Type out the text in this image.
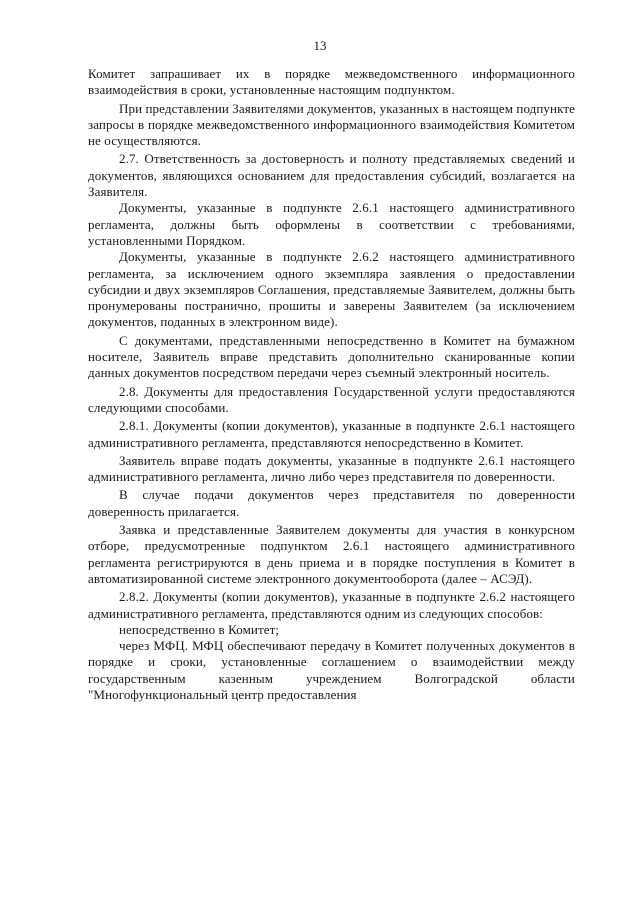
13

Комитет запрашивает их в порядке межведомственного информационного взаимодействия в сроки, установленные настоящим подпунктом.

При представлении Заявителями документов, указанных в настоящем подпункте запросы в порядке межведомственного информационного взаимодействия Комитетом не осуществляются.

2.7. Ответственность за достоверность и полноту представляемых сведений и документов, являющихся основанием для предоставления субсидий, возлагается на Заявителя.

Документы, указанные в подпункте 2.6.1 настоящего административного регламента, должны быть оформлены в соответствии с требованиями, установленными Порядком.

Документы, указанные в подпункте 2.6.2 настоящего административного регламента, за исключением одного экземпляра заявления о предоставлении субсидии и двух экземпляров Соглашения, представляемые Заявителем, должны быть пронумерованы постранично, прошиты и заверены Заявителем (за исключением документов, поданных в электронном виде).

С документами, представленными непосредственно в Комитет на бумажном носителе, Заявитель вправе представить дополнительно сканированные копии данных документов посредством передачи через съемный электронный носитель.

2.8. Документы для предоставления Государственной услуги предоставляются следующими способами.

2.8.1. Документы (копии документов), указанные в подпункте 2.6.1 настоящего административного регламента, представляются непосредственно в Комитет.

Заявитель вправе подать документы, указанные в подпункте 2.6.1 настоящего административного регламента, лично либо через представителя по доверенности.

В случае подачи документов через представителя по доверенности доверенность прилагается.

Заявка и представленные Заявителем документы для участия в конкурсном отборе, предусмотренные подпунктом 2.6.1 настоящего административного регламента регистрируются в день приема и в порядке поступления в Комитет в автоматизированной системе электронного документооборота (далее – АСЭД).

2.8.2. Документы (копии документов), указанные в подпункте 2.6.2 настоящего административного регламента, представляются одним из следующих способов:

непосредственно в Комитет;

через МФЦ. МФЦ обеспечивают передачу в Комитет полученных документов в порядке и сроки, установленные соглашением о взаимодействии между государственным казенным учреждением Волгоградской области "Многофункциональный центр предоставления
